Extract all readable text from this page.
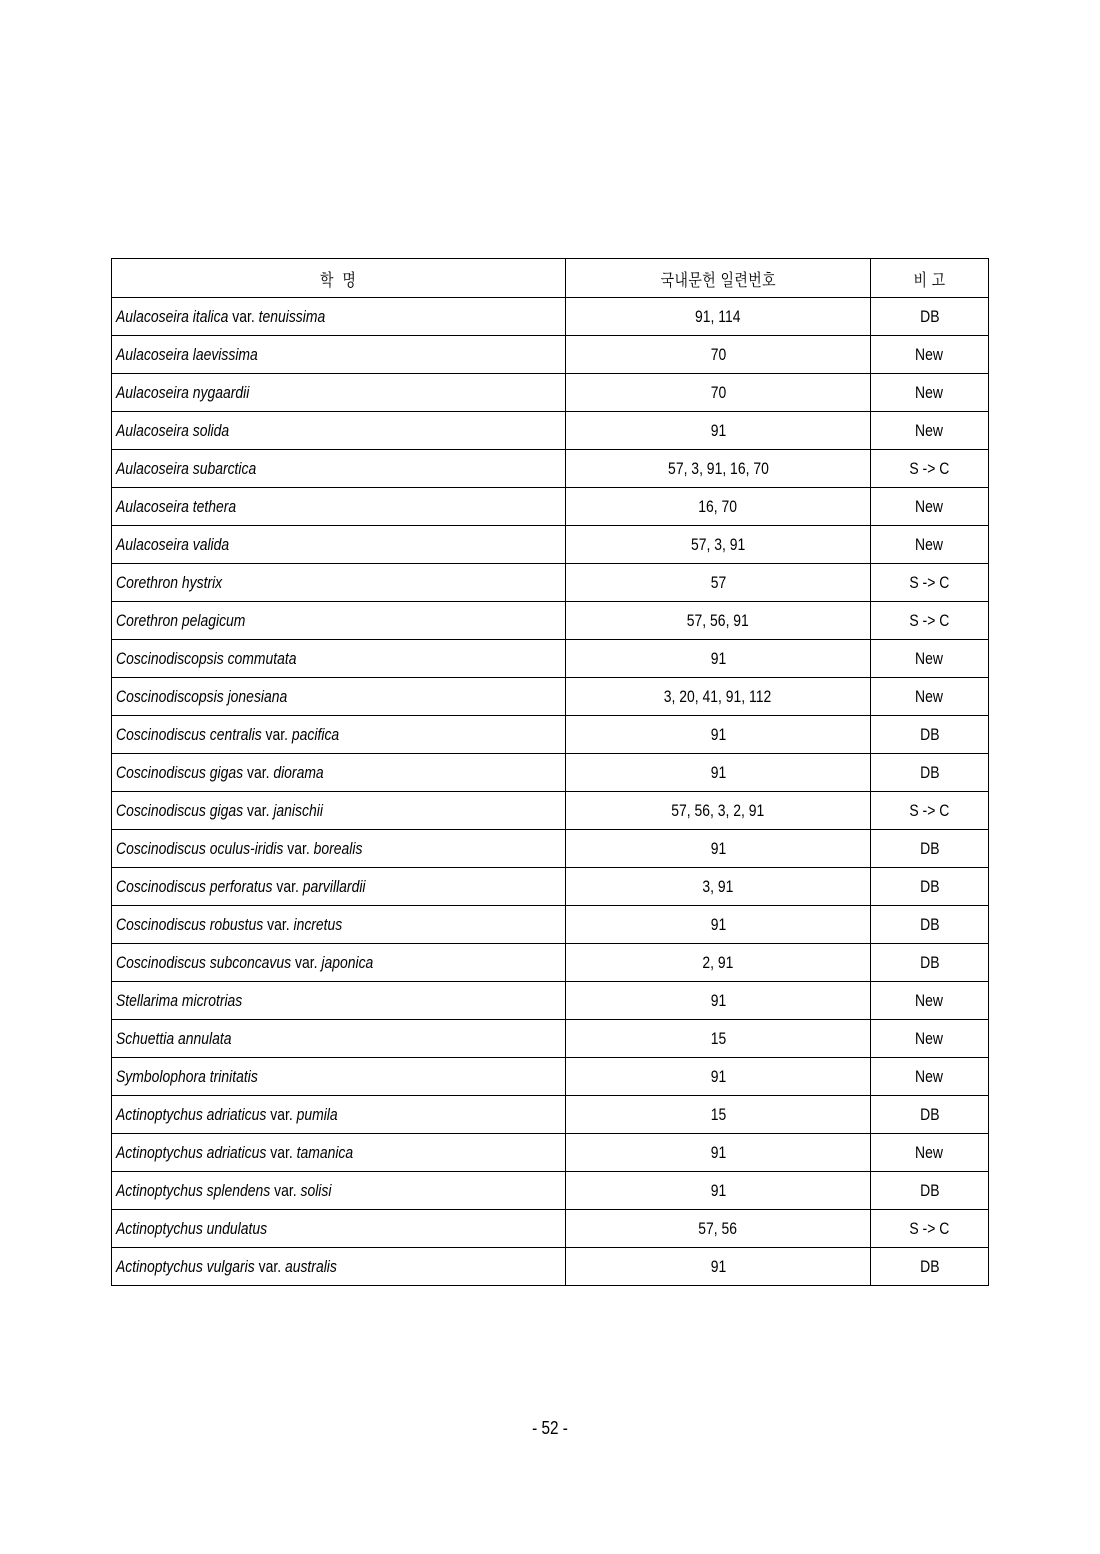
학  명	국내문헌 일련번호	비 고
Aulacoseira italica var. tenuissima	91, 114	DB
Aulacoseira laevissima	70	New
Aulacoseira nygaardii	70	New
Aulacoseira solida	91	New
Aulacoseira subarctica	57, 3, 91, 16, 70	S -> C
Aulacoseira tethera	16, 70	New
Aulacoseira valida	57, 3, 91	New
Corethron hystrix	57	S -> C
Corethron pelagicum	57, 56, 91	S -> C
Coscinodiscopsis commutata	91	New
Coscinodiscopsis jonesiana	3, 20, 41, 91, 112	New
Coscinodiscus centralis var. pacifica	91	DB
Coscinodiscus gigas var. diorama	91	DB
Coscinodiscus gigas var. janischii	57, 56, 3, 2, 91	S -> C
Coscinodiscus oculus-iridis var. borealis	91	DB
Coscinodiscus perforatus var. parvillardii	3, 91	DB
Coscinodiscus robustus var. incretus	91	DB
Coscinodiscus subconcavus var. japonica	2, 91	DB
Stellarima microtrias	91	New
Schuettia annulata	15	New
Symbolophora trinitatis	91	New
Actinoptychus adriaticus var. pumila	15	DB
Actinoptychus adriaticus var. tamanica	91	New
Actinoptychus splendens var. solisi	91	DB
Actinoptychus undulatus	57, 56	S -> C
Actinoptychus vulgaris var. australis	91	DB
- 52 -
